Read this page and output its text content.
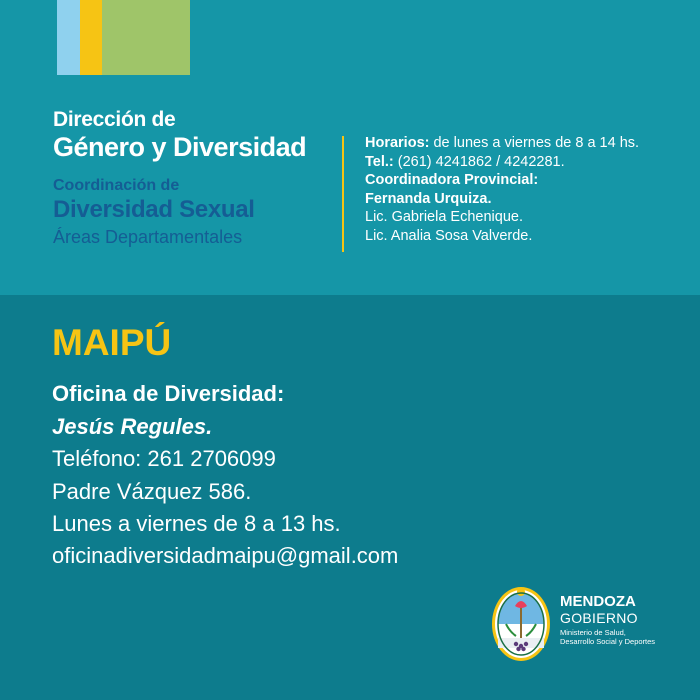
Dirección de
Género y Diversidad
Coordinación de
Diversidad Sexual
Áreas Departamentales
Horarios: de lunes a viernes de 8 a 14 hs.
Tel.: (261) 4241862 / 4242281.
Coordinadora Provincial:
Fernanda Urquiza.
Lic. Gabriela Echenique.
Lic. Analia Sosa Valverde.
MAIPÚ
Oficina de Diversidad:
Jesús Regules.
Teléfono: 261 2706099
Padre Vázquez 586.
Lunes a viernes de 8 a 13 hs.
oficinadiversidadmaipu@gmail.com
MENDOZA
GOBIERNO
Ministerio de Salud,
Desarrollo Social y Deportes
